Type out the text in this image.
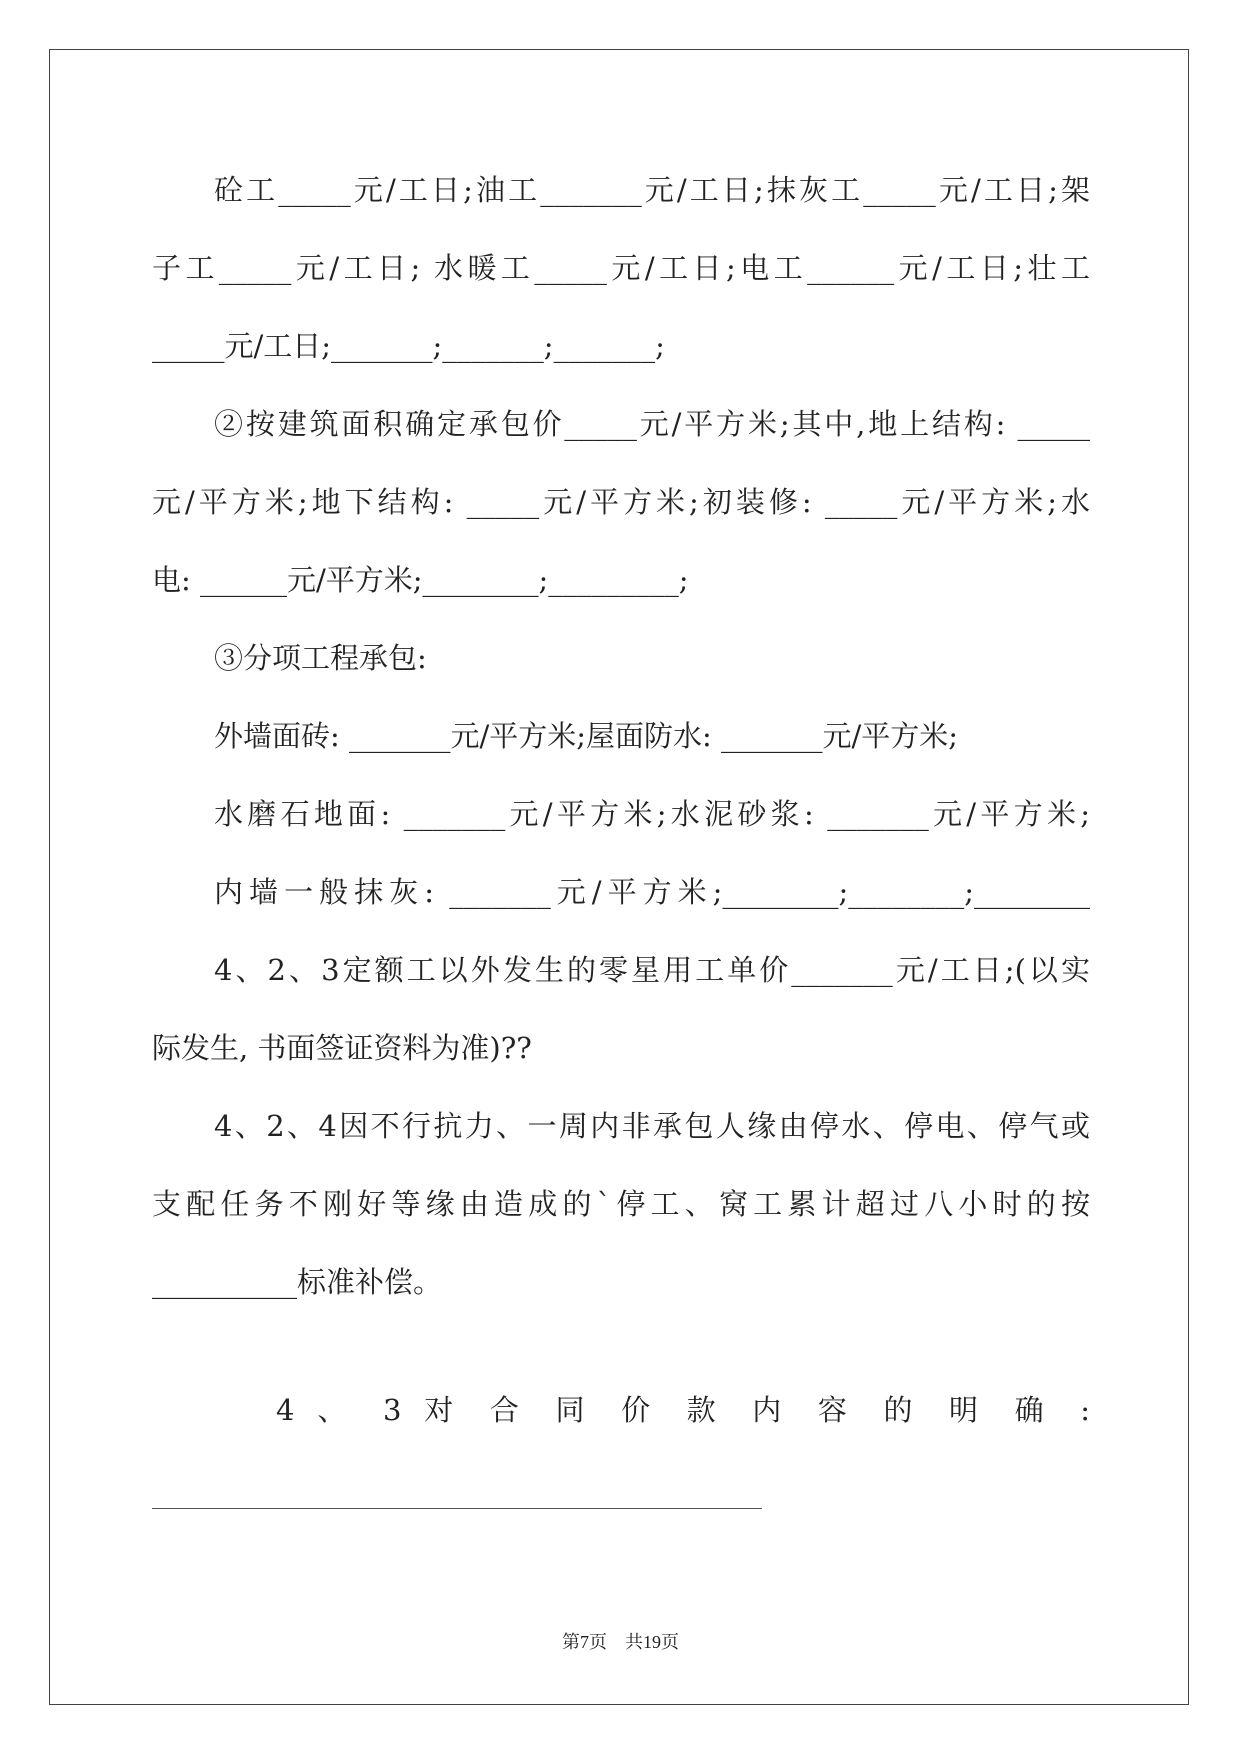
砼工_____元/工日;油工_______元/工日;抹灰工_____元/工日;架
子工_____元/工日; 水暖工_____元/工日;电工______元/工日;壮工
_____元/工日;_______;_______;_______;
②按建筑面积确定承包价_____元/平方米;其中,地上结构: _____
元/平方米;地下结构: _____元/平方米;初装修: _____元/平方米;水
电: ______元/平方米;________;_________;
③分项工程承包:
外墙面砖: _______元/平方米;屋面防水: _______元/平方米;
水磨石地面: _______元/平方米;水泥砂浆: _______元/平方米;
内墙一般抹灰: _______元/平方米;________;________;________
4、2、3定额工以外发生的零星用工单价_______元/工日;(以实
际发生, 书面签证资料为准)??
4、2、4因不行抗力、一周内非承包人缘由停水、停电、停气或
支配任务不刚好等缘由造成的`停工、窝工累计超过八小时的按
__________标准补偿。
4 、 3 对 合 同 价 款 内 容 的 明 确 :
第7页　共19页
